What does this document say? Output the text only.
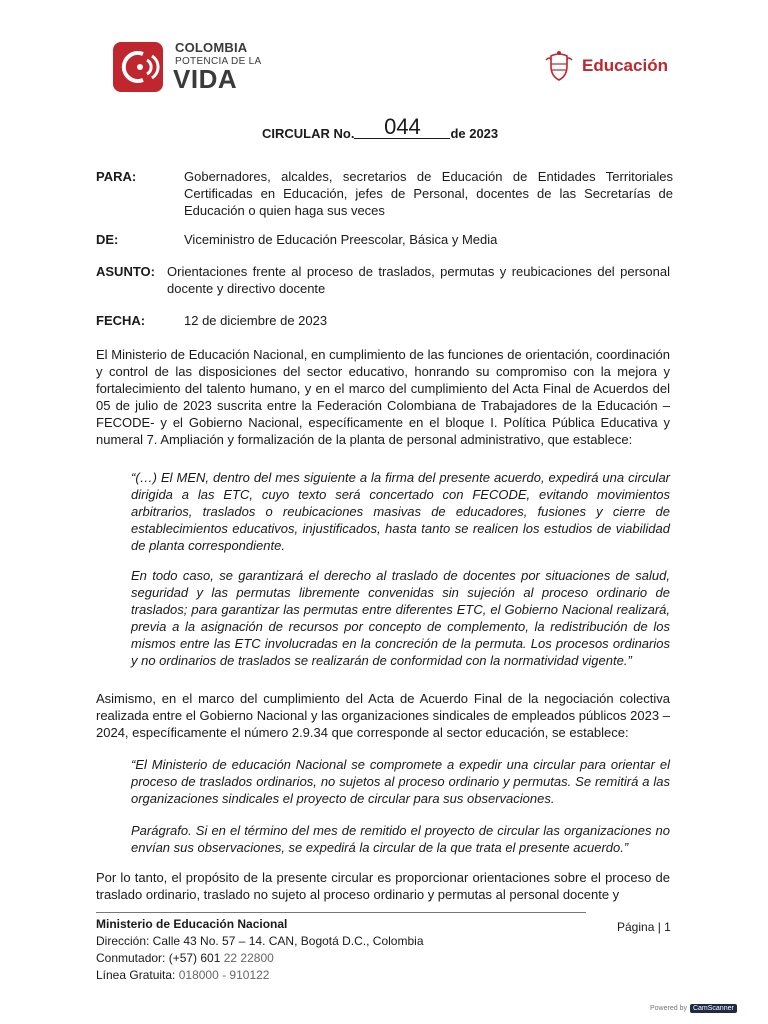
COLOMBIA
POTENCIA DE LA
VIDA	Educación
CIRCULAR No. 044 de 2023
PARA:	Gobernadores, alcaldes, secretarios de Educación de Entidades Territoriales Certificadas en Educación, jefes de Personal, docentes de las Secretarías de Educación o quien haga sus veces
DE:	Viceministro de Educación Preescolar, Básica y Media
ASUNTO: Orientaciones frente al proceso de traslados, permutas y reubicaciones del personal docente y directivo docente
FECHA:	12 de diciembre de 2023
El Ministerio de Educación Nacional, en cumplimiento de las funciones de orientación, coordinación y control de las disposiciones del sector educativo, honrando su compromiso con la mejora y fortalecimiento del talento humano, y en el marco del cumplimiento del Acta Final de Acuerdos del 05 de julio de 2023 suscrita entre la Federación Colombiana de Trabajadores de la Educación – FECODE- y el Gobierno Nacional, específicamente en el bloque I. Política Pública Educativa y numeral 7. Ampliación y formalización de la planta de personal administrativo, que establece:
“(…) El MEN, dentro del mes siguiente a la firma del presente acuerdo, expedirá una circular dirigida a las ETC, cuyo texto será concertado con FECODE, evitando movimientos arbitrarios, traslados o reubicaciones masivas de educadores, fusiones y cierre de establecimientos educativos, injustificados, hasta tanto se realicen los estudios de viabilidad de planta correspondiente.
En todo caso, se garantizará el derecho al traslado de docentes por situaciones de salud, seguridad y las permutas libremente convenidas sin sujeción al proceso ordinario de traslados; para garantizar las permutas entre diferentes ETC, el Gobierno Nacional realizará, previa a la asignación de recursos por concepto de complemento, la redistribución de los mismos entre las ETC involucradas en la concreción de la permuta. Los procesos ordinarios y no ordinarios de traslados se realizarán de conformidad con la normatividad vigente.”
Asimismo, en el marco del cumplimiento del Acta de Acuerdo Final de la negociación colectiva realizada entre el Gobierno Nacional y las organizaciones sindicales de empleados públicos 2023 – 2024, específicamente el número 2.9.34 que corresponde al sector educación, se establece:
“El Ministerio de educación Nacional se compromete a expedir una circular para orientar el proceso de traslados ordinarios, no sujetos al proceso ordinario y permutas. Se remitirá a las organizaciones sindicales el proyecto de circular para sus observaciones.
Parágrafo. Si en el término del mes de remitido el proyecto de circular las organizaciones no envían sus observaciones, se expedirá la circular de la que trata el presente acuerdo.”
Por lo tanto, el propósito de la presente circular es proporcionar orientaciones sobre el proceso de traslado ordinario, traslado no sujeto al proceso ordinario y permutas al personal docente y
Ministerio de Educación Nacional
Dirección: Calle 43 No. 57 – 14. CAN, Bogotá D.C., Colombia
Conmutador: (+57) 601 22 22800
Línea Gratuita: 018000 - 910122
Página | 1
Powered by CamScanner
